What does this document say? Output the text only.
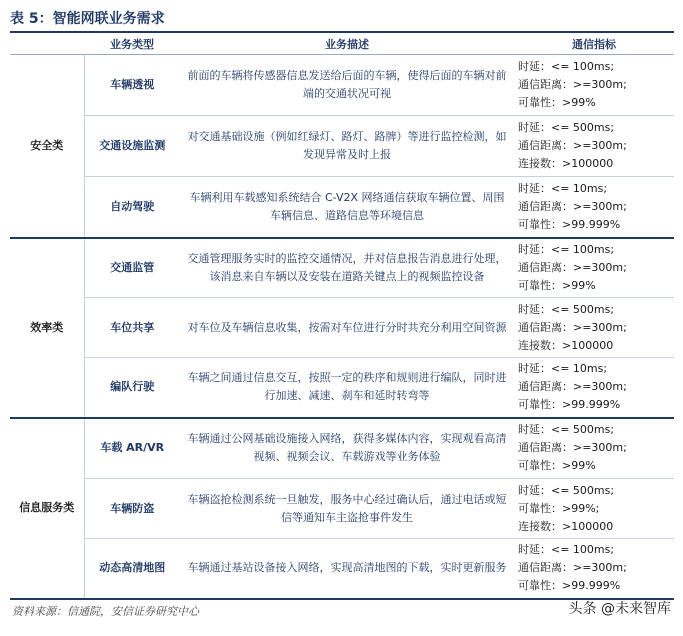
表 5：智能网联业务需求
	业务类型	业务描述	通信指标
安全类	车辆透视	前面的车辆将传感器信息发送给后面的车辆，使得后面的车辆对前端的交通状况可视	时延：<= 100ms;
通信距离：>=300m;
可靠性：>99%
	交通设施监测	对交通基础设施（例如红绿灯、路灯、路牌）等进行监控检测，如发现异常及时上报	时延：<= 500ms;
通信距离：>=300m;
连接数：>100000
	自动驾驶	车辆利用车载感知系统结合 C-V2X 网络通信获取车辆位置、周围车辆信息、道路信息等环境信息	时延：<= 10ms;
通信距离：>=300m;
可靠性：>99.999%
效率类	交通监管	交通管理服务实时的监控交通情况，并对信息报告消息进行处理，该消息来自车辆以及安装在道路关键点上的视频监控设备	时延：<= 100ms;
通信距离：>=300m;
可靠性：>99%
	车位共享	对车位及车辆信息收集，按需对车位进行分时共充分利用空间资源	时延：<= 500ms;
通信距离：>=300m;
连接数：>100000
	编队行驶	车辆之间通过信息交互，按照一定的秩序和规则进行编队，同时进行加速、减速、刹车和延时转弯等	时延：<= 10ms;
通信距离：>=300m;
可靠性：>99.999%
信息服务类	车载 AR/VR	车辆通过公网基础设施接入网络，获得多媒体内容，实现观看高清视频、视频会议、车载游戏等业务体验	时延：<= 500ms;
通信距离：>=300m;
可靠性：>99%
	车辆防盗	车辆盗抢检测系统一旦触发，服务中心经过确认后，通过电话或短信等通知车主盗抢事件发生	时延：<= 500ms;
可靠性：>99%;
连接数：>100000
	动态高清地图	车辆通过基站设备接入网络，实现高清地图的下载，实时更新服务	时延：<= 100ms;
通信距离：>=300m;
可靠性：>99.999%
资料来源：信通院，安信证券研究中心	头条 @未来智库
